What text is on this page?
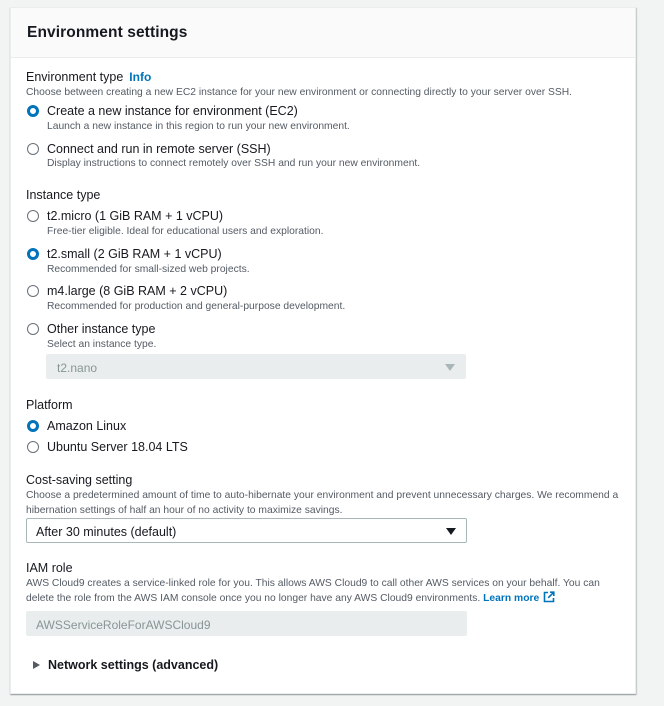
Environment settings
Environment type Info
Choose between creating a new EC2 instance for your new environment or connecting directly to your server over SSH.
Create a new instance for environment (EC2)
Launch a new instance in this region to run your new environment.
Connect and run in remote server (SSH)
Display instructions to connect remotely over SSH and run your new environment.
Instance type
t2.micro (1 GiB RAM + 1 vCPU)
Free-tier eligible. Ideal for educational users and exploration.
t2.small (2 GiB RAM + 1 vCPU)
Recommended for small-sized web projects.
m4.large (8 GiB RAM + 2 vCPU)
Recommended for production and general-purpose development.
Other instance type
Select an instance type.
t2.nano
Platform
Amazon Linux
Ubuntu Server 18.04 LTS
Cost-saving setting
Choose a predetermined amount of time to auto-hibernate your environment and prevent unnecessary charges. We recommend a hibernation settings of half an hour of no activity to maximize savings.
After 30 minutes (default)
IAM role
AWS Cloud9 creates a service-linked role for you. This allows AWS Cloud9 to call other AWS services on your behalf. You can delete the role from the AWS IAM console once you no longer have any AWS Cloud9 environments. Learn more
AWSServiceRoleForAWSCloud9
Network settings (advanced)
